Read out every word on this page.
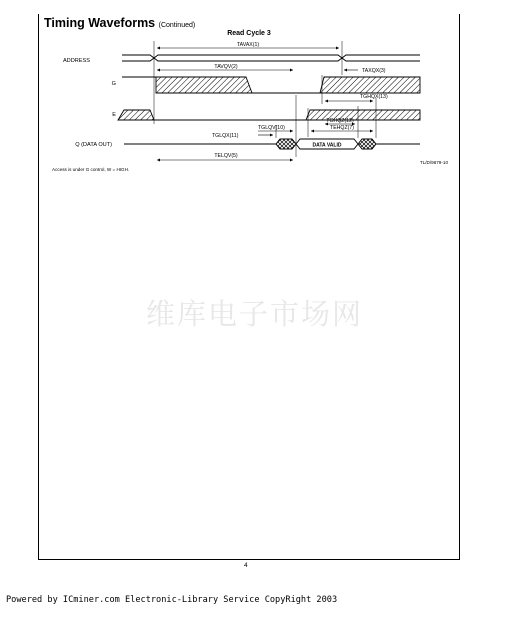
Timing Waveforms (Continued)
Read Cycle 3
ADDRESS
G
E
Q (DATA OUT)	DATA VALID
TAVAX(1)
TAVQV(2)
TAXQX(3)
TGHQX(13)
TGHQZ(12)
TEHQZ(7)
TGLQV(10)
TGLQX(11)
TELQV(5)
TL/D/9679-10
Access is under G control, W = HIGH.
维库电子市场网
4
Powered by ICminer.com Electronic-Library Service CopyRight 2003
